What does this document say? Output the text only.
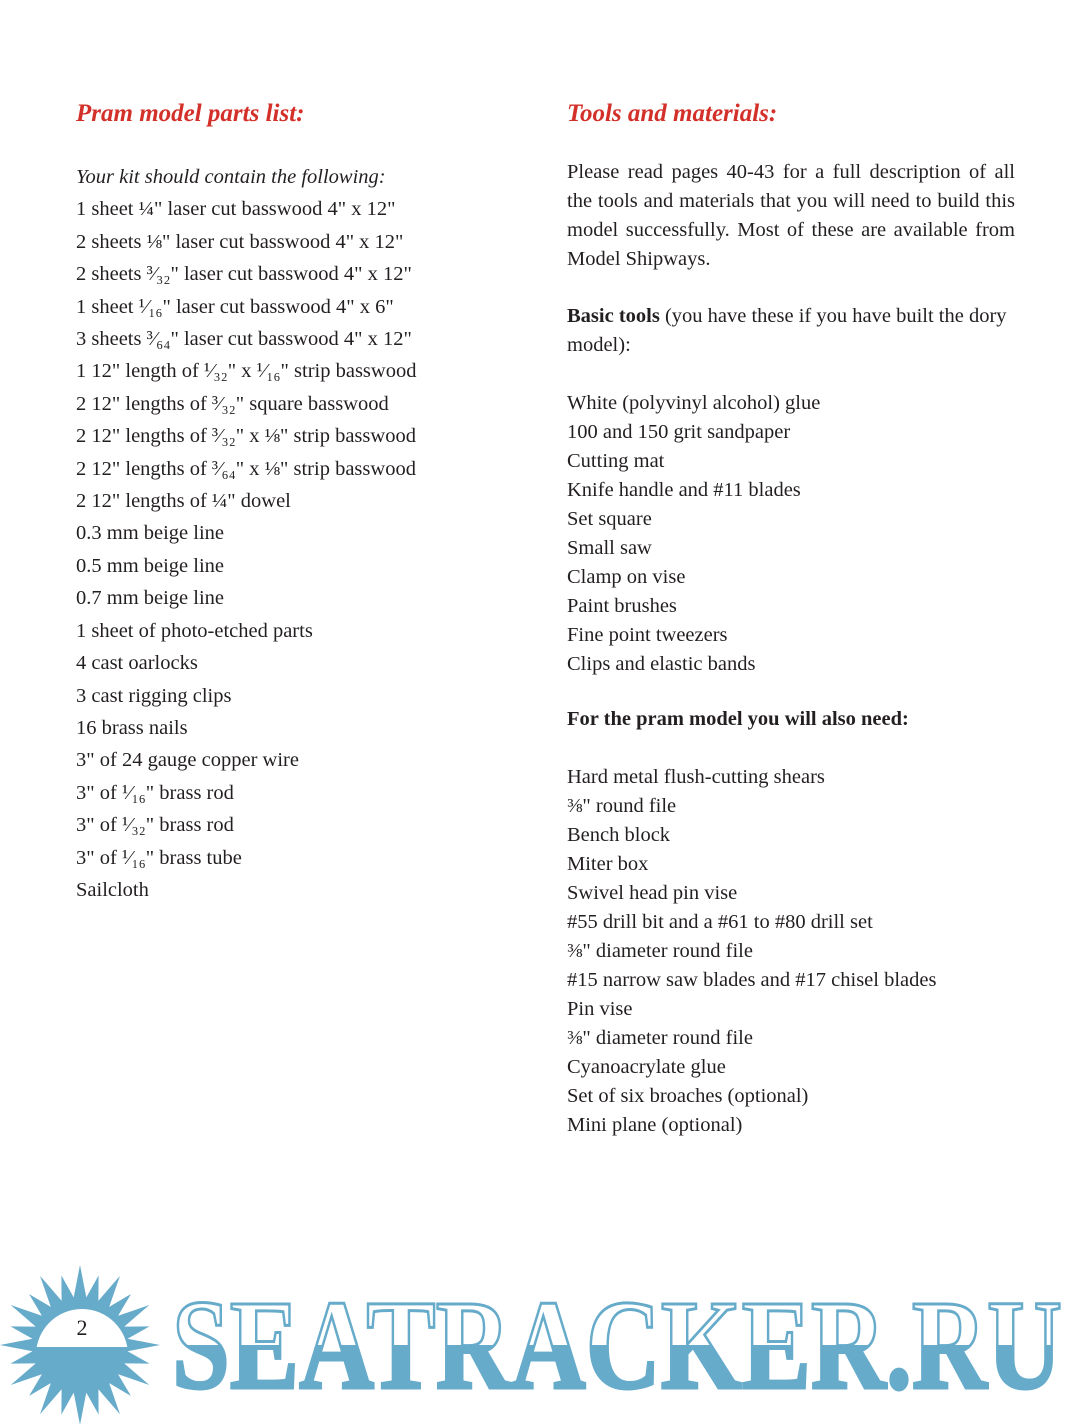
Pram model parts list:
Your kit should contain the following:
1 sheet ¼" laser cut basswood 4" x 12"
2 sheets ⅛" laser cut basswood 4" x 12"
2 sheets ³⁄₃₂" laser cut basswood 4" x 12"
1 sheet ¹⁄₁₆" laser cut basswood 4" x 6"
3 sheets ³⁄₆₄" laser cut basswood 4" x 12"
1 12" length of ¹⁄₃₂" x ¹⁄₁₆" strip basswood
2 12" lengths of ³⁄₃₂" square basswood
2 12" lengths of ³⁄₃₂" x ⅛" strip basswood
2 12" lengths of ³⁄₆₄" x ⅛" strip basswood
2 12" lengths of ¼" dowel
0.3 mm beige line
0.5 mm beige line
0.7 mm beige line
1 sheet of photo-etched parts
4 cast oarlocks
3 cast rigging clips
16 brass nails
3" of 24 gauge copper wire
3" of ¹⁄₁₆" brass rod
3" of ¹⁄₃₂" brass rod
3" of ¹⁄₁₆" brass tube
Sailcloth
Tools and materials:

Please read pages 40-43 for a full description of all the tools and materials that you will need to build this model successfully. Most of these are available from Model Shipways.

Basic tools (you have these if you have built the dory model):

White (polyvinyl alcohol) glue
100 and 150 grit sandpaper
Cutting mat
Knife handle and #11 blades
Set square
Small saw
Clamp on vise
Paint brushes
Fine point tweezers
Clips and elastic bands

For the pram model you will also need:

Hard metal flush-cutting shears
⅜" round file
Bench block
Miter box
Swivel head pin vise
#55 drill bit and a #61 to #80 drill set
⅜" diameter round file
#15 narrow saw blades and #17 chisel blades
Pin vise
⅜" diameter round file
Cyanoacrylate glue
Set of six broaches (optional)
Mini plane (optional)
2 SEATRACKER.RU
